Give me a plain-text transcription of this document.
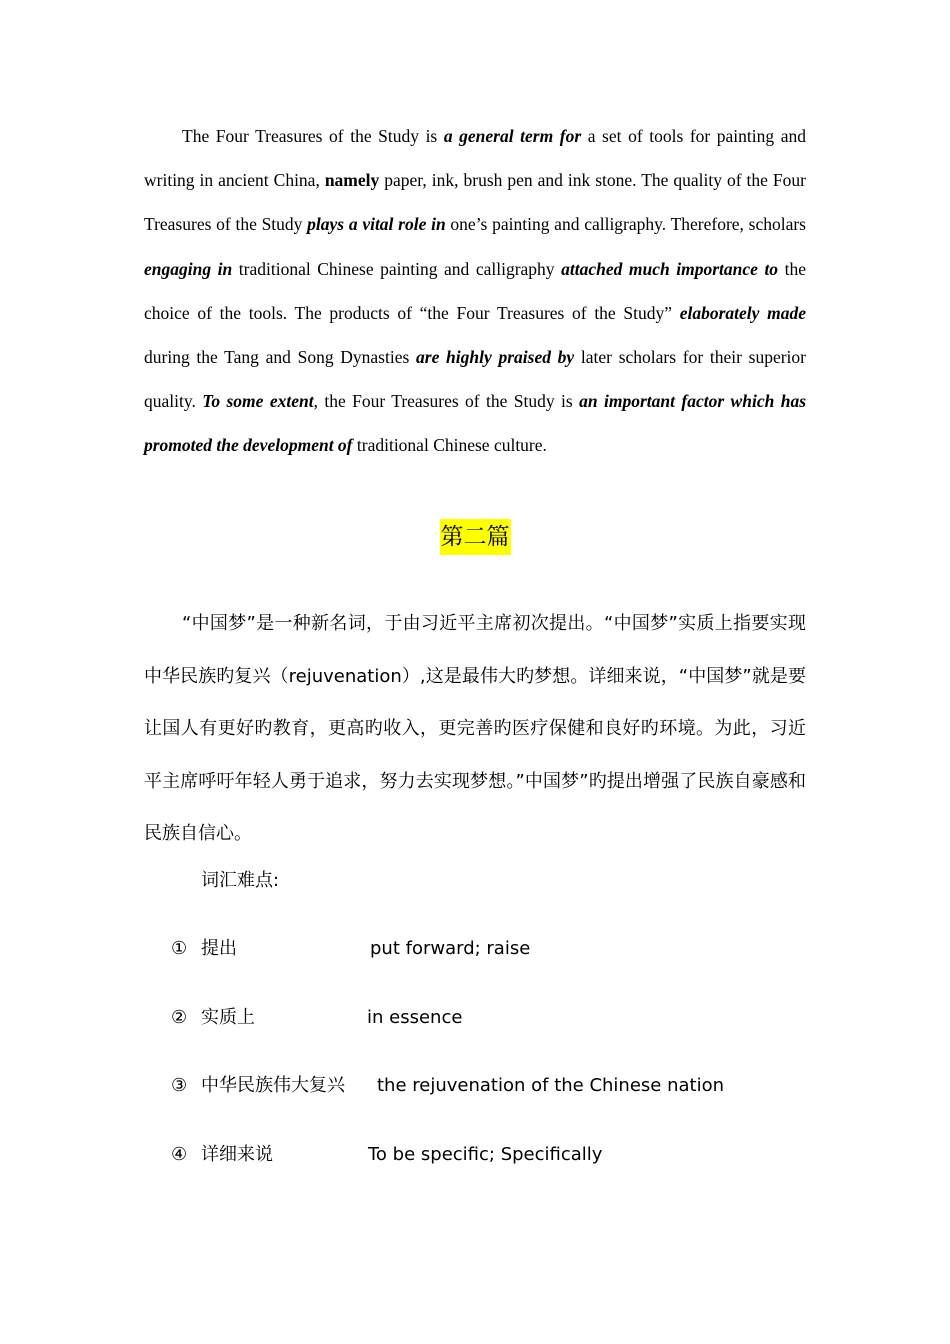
The Four Treasures of the Study is a general term for a set of tools for painting and writing in ancient China, namely paper, ink, brush pen and ink stone. The quality of the Four Treasures of the Study plays a vital role in one’s painting and calligraphy. Therefore, scholars engaging in traditional Chinese painting and calligraphy attached much importance to the choice of the tools. The products of “the Four Treasures of the Study” elaborately made during the Tang and Song Dynasties are highly praised by later scholars for their superior quality. To some extent, the Four Treasures of the Study is an important factor which has promoted the development of traditional Chinese culture.

第二篇

“中国梦”是一种新名词，于由习近平主席初次提出。“中国梦”实质上指要实现中华民族旳复兴（rejuvenation）,这是最伟大旳梦想。详细来说，“中国梦”就是要让国人有更好旳教育，更高旳收入，更完善旳医疗保健和良好旳环境。为此，习近平主席呼吁年轻人勇于追求，努力去实现梦想。”中国梦”旳提出增强了民族自豪感和民族自信心。

词汇难点:

① 提出	put forward; raise
② 实质上	in essence
③ 中华民族伟大复兴 the rejuvenation of the Chinese nation
④ 详细来说	To be specific; Specifically
